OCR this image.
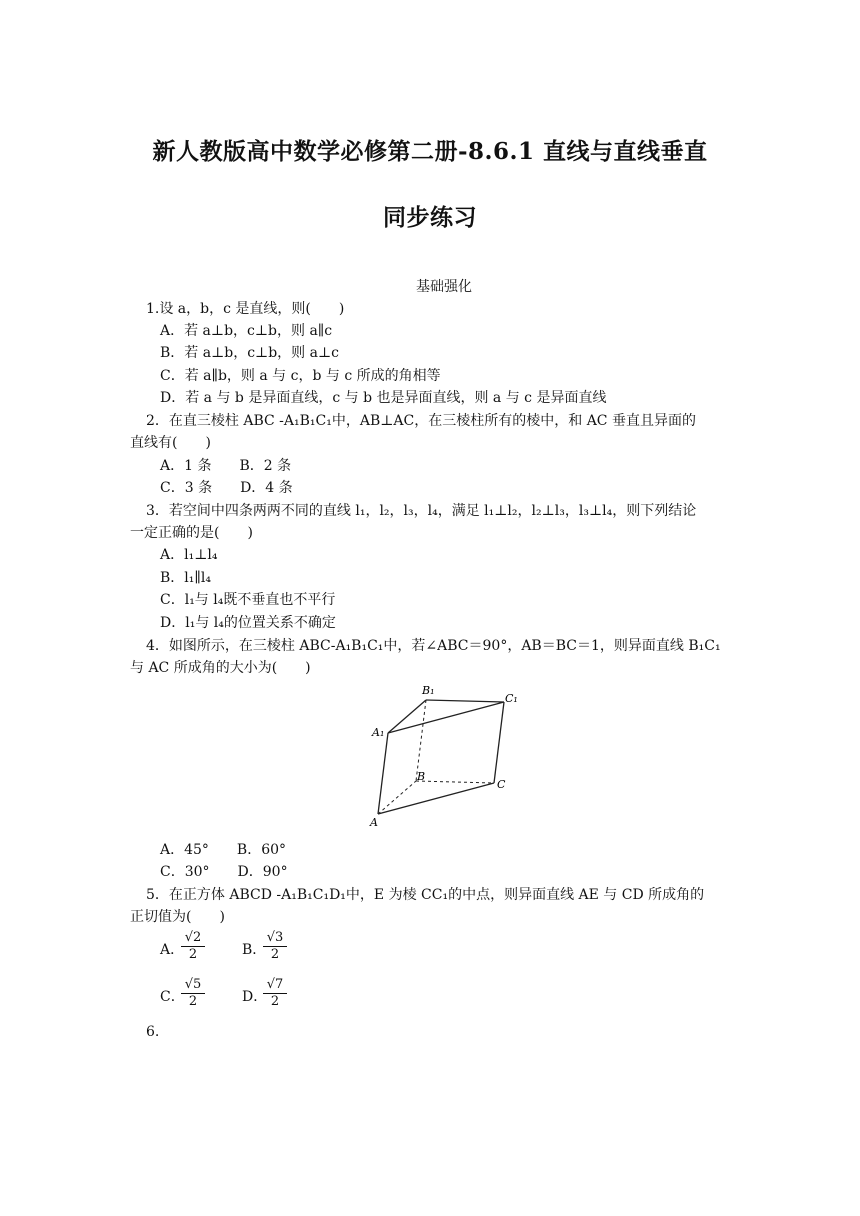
新人教版高中数学必修第二册-8.6.1 直线与直线垂直
同步练习
基础强化
1.设 a，b，c 是直线，则(　　)
A．若 a⊥b，c⊥b，则 a∥c
B．若 a⊥b，c⊥b，则 a⊥c
C．若 a∥b，则 a 与 c，b 与 c 所成的角相等
D．若 a 与 b 是异面直线，c 与 b 也是异面直线，则 a 与 c 是异面直线
2．在直三棱柱 ABC -A₁B₁C₁中，AB⊥AC，在三棱柱所有的棱中，和 AC 垂直且异面的
直线有(　　)
A．1 条　　B．2 条
C．3 条　　D．4 条
3．若空间中四条两两不同的直线 l₁，l₂，l₃，l₄，满足 l₁⊥l₂，l₂⊥l₃，l₃⊥l₄，则下列结论
一定正确的是(　　)
A．l₁⊥l₄
B．l₁∥l₄
C．l₁与 l₄既不垂直也不平行
D．l₁与 l₄的位置关系不确定
4．如图所示，在三棱柱 ABC-A₁B₁C₁中，若∠ABC＝90°，AB＝BC＝1，则异面直线 B₁C₁
与 AC 所成角的大小为(　　)
B₁
C₁
A₁
B
C
A
A．45°　　B．60°
C．30°　　D．90°
5．在正方体 ABCD -A₁B₁C₁D₁中，E 为棱 CC₁的中点，则异面直线 AE 与 CD 所成角的
正切值为(　　)
A．
$\frac{√2}{2}$	B．
$\frac{√3}{2}$
C．
$\frac{√5}{2}$	D．
$\frac{√7}{2}$
6.
